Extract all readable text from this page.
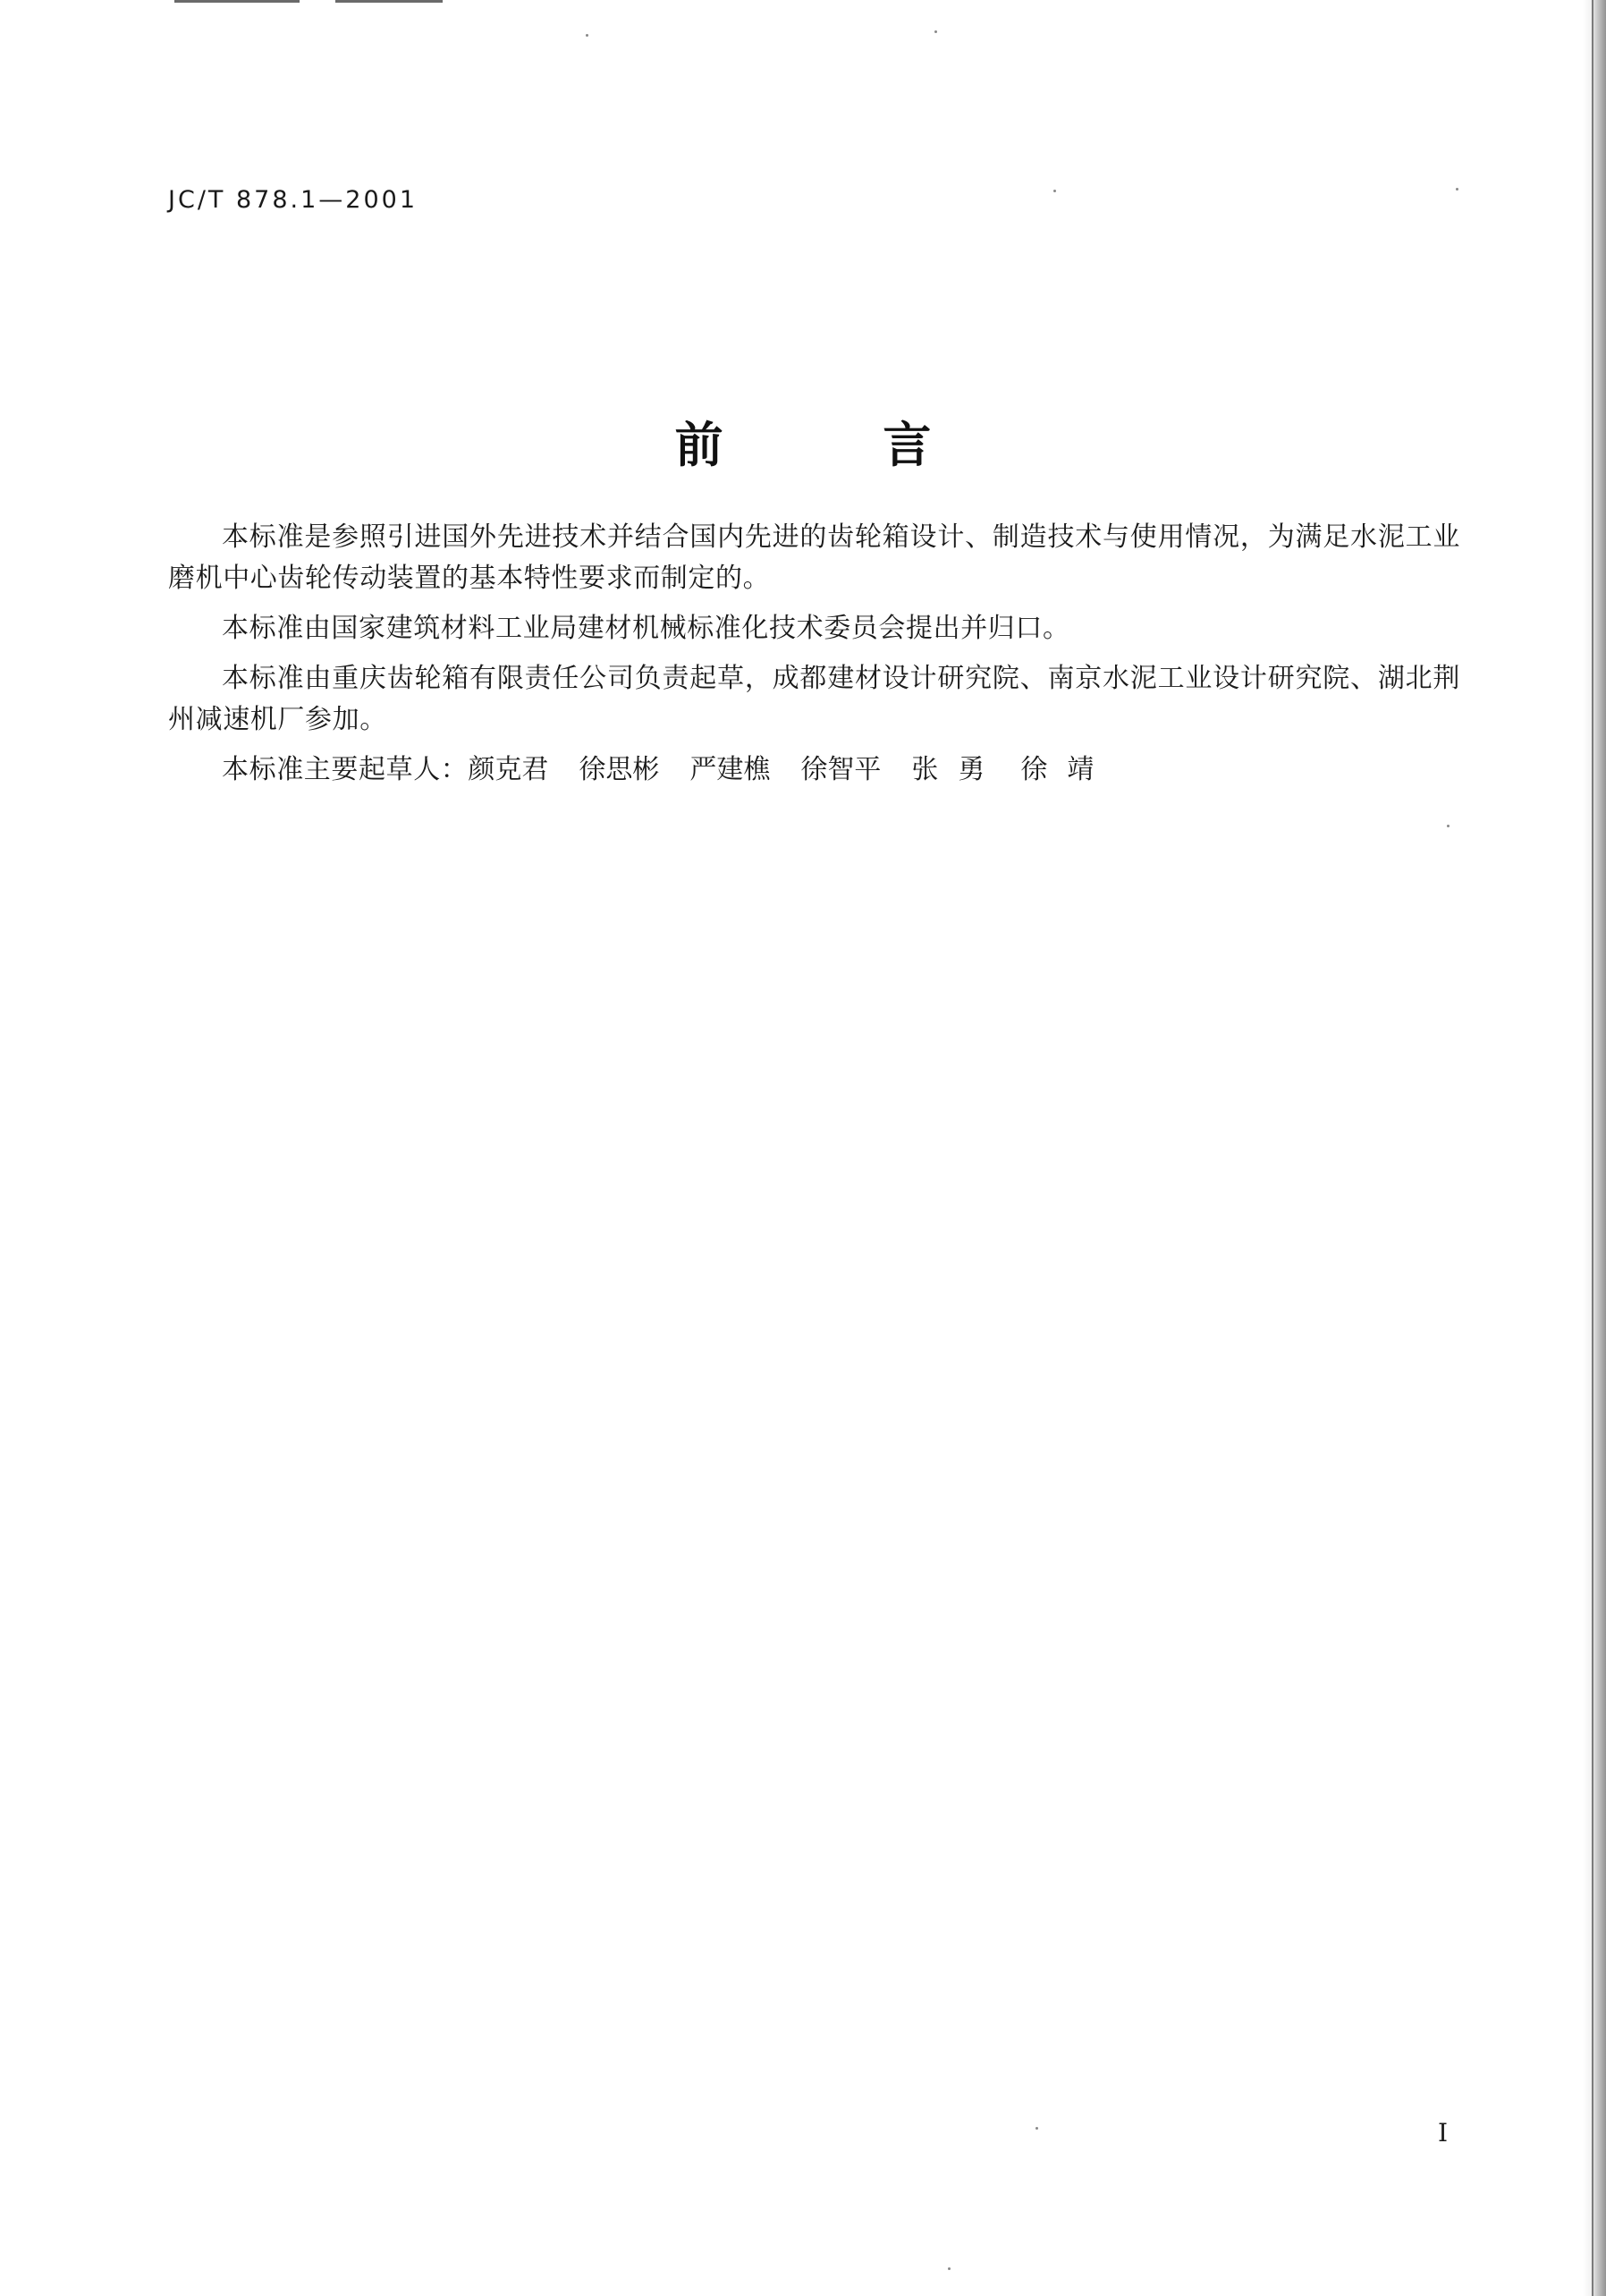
JC/T 878.1—2001
前 言

本标准是参照引进国外先进技术并结合国内先进的齿轮箱设计、制造技术与使用情况，为满足水泥工业磨机中心齿轮传动装置的基本特性要求而制定的。

本标准由国家建筑材料工业局建材机械标准化技术委员会提出并归口。

本标准由重庆齿轮箱有限责任公司负责起草，成都建材设计研究院、南京水泥工业设计研究院、湖北荆州减速机厂参加。

本标准主要起草人：颜克君 徐思彬 严建樵 徐智平 张勇 徐靖

I
